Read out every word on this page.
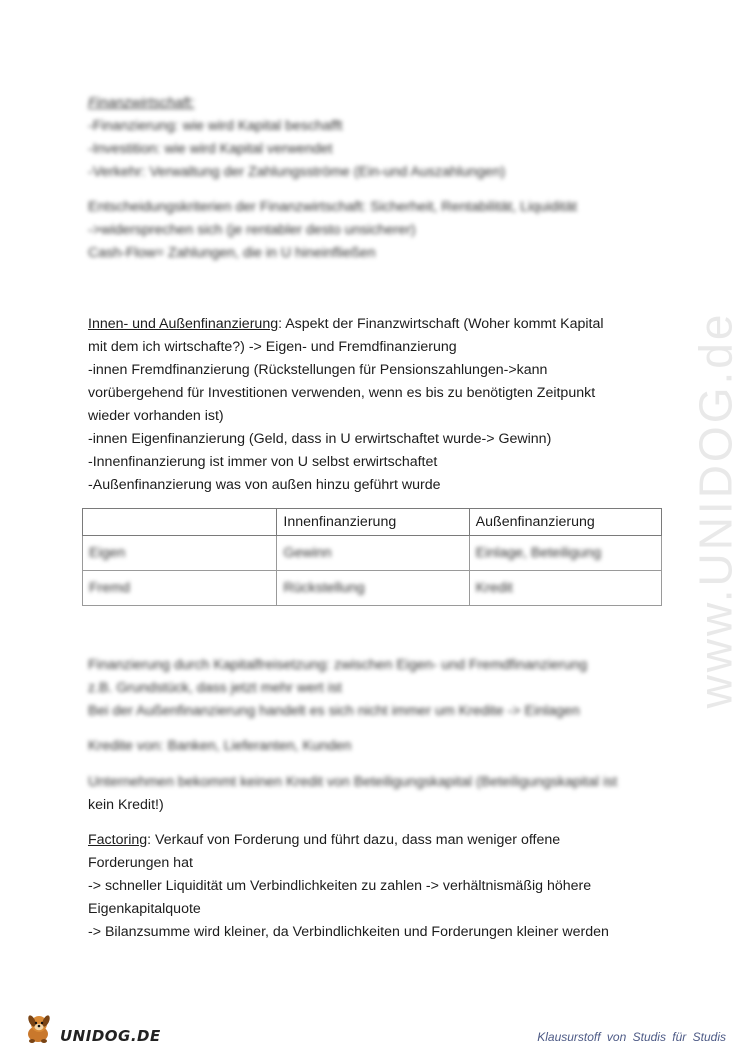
www.UNIDOG.de
Finanzwirtschaft:
-Finanzierung: wie wird Kapital beschafft
-Investition: wie wird Kapital verwendet
-Verkehr: Verwaltung der Zahlungsströme (Ein-und Auszahlungen)
Entscheidungskriterien der Finanzwirtschaft: Sicherheit, Rentabilität, Liquidität
->widersprechen sich (je rentabler desto unsicherer)
Cash-Flow= Zahlungen, die in U hineinfließen
Innen- und Außenfinanzierung: Aspekt der Finanzwirtschaft (Woher kommt Kapital
mit dem ich wirtschafte?) -> Eigen- und Fremdfinanzierung
-innen Fremdfinanzierung (Rückstellungen für Pensionszahlungen->kann
vorübergehend für Investitionen verwenden, wenn es bis zu benötigten Zeitpunkt
wieder vorhanden ist)
-innen Eigenfinanzierung (Geld, dass in U erwirtschaftet wurde-> Gewinn)
-Innenfinanzierung ist immer von U selbst erwirtschaftet
-Außenfinanzierung was von außen hinzu geführt wurde
	Innenfinanzierung	Außenfinanzierung
Eigen	Gewinn	Einlage, Beteiligung
Fremd	Rückstellung	Kredit
Finanzierung durch Kapitalfreisetzung: zwischen Eigen- und Fremdfinanzierung
z.B. Grundstück, dass jetzt mehr wert ist
Bei der Außenfinanzierung handelt es sich nicht immer um Kredite -> Einlagen
Kredite von: Banken, Lieferanten, Kunden
Unternehmen bekommt keinen Kredit von Beteiligungskapital (Beteiligungskapital ist
kein Kredit!)
Factoring: Verkauf von Forderung und führt dazu, dass man weniger offene
Forderungen hat
-> schneller Liquidität um Verbindlichkeiten zu zahlen -> verhältnismäßig höhere
Eigenkapitalquote
-> Bilanzsumme wird kleiner, da Verbindlichkeiten und Forderungen kleiner werden
UNIDOG.DE	Klausurstoff von Studis für Studis
